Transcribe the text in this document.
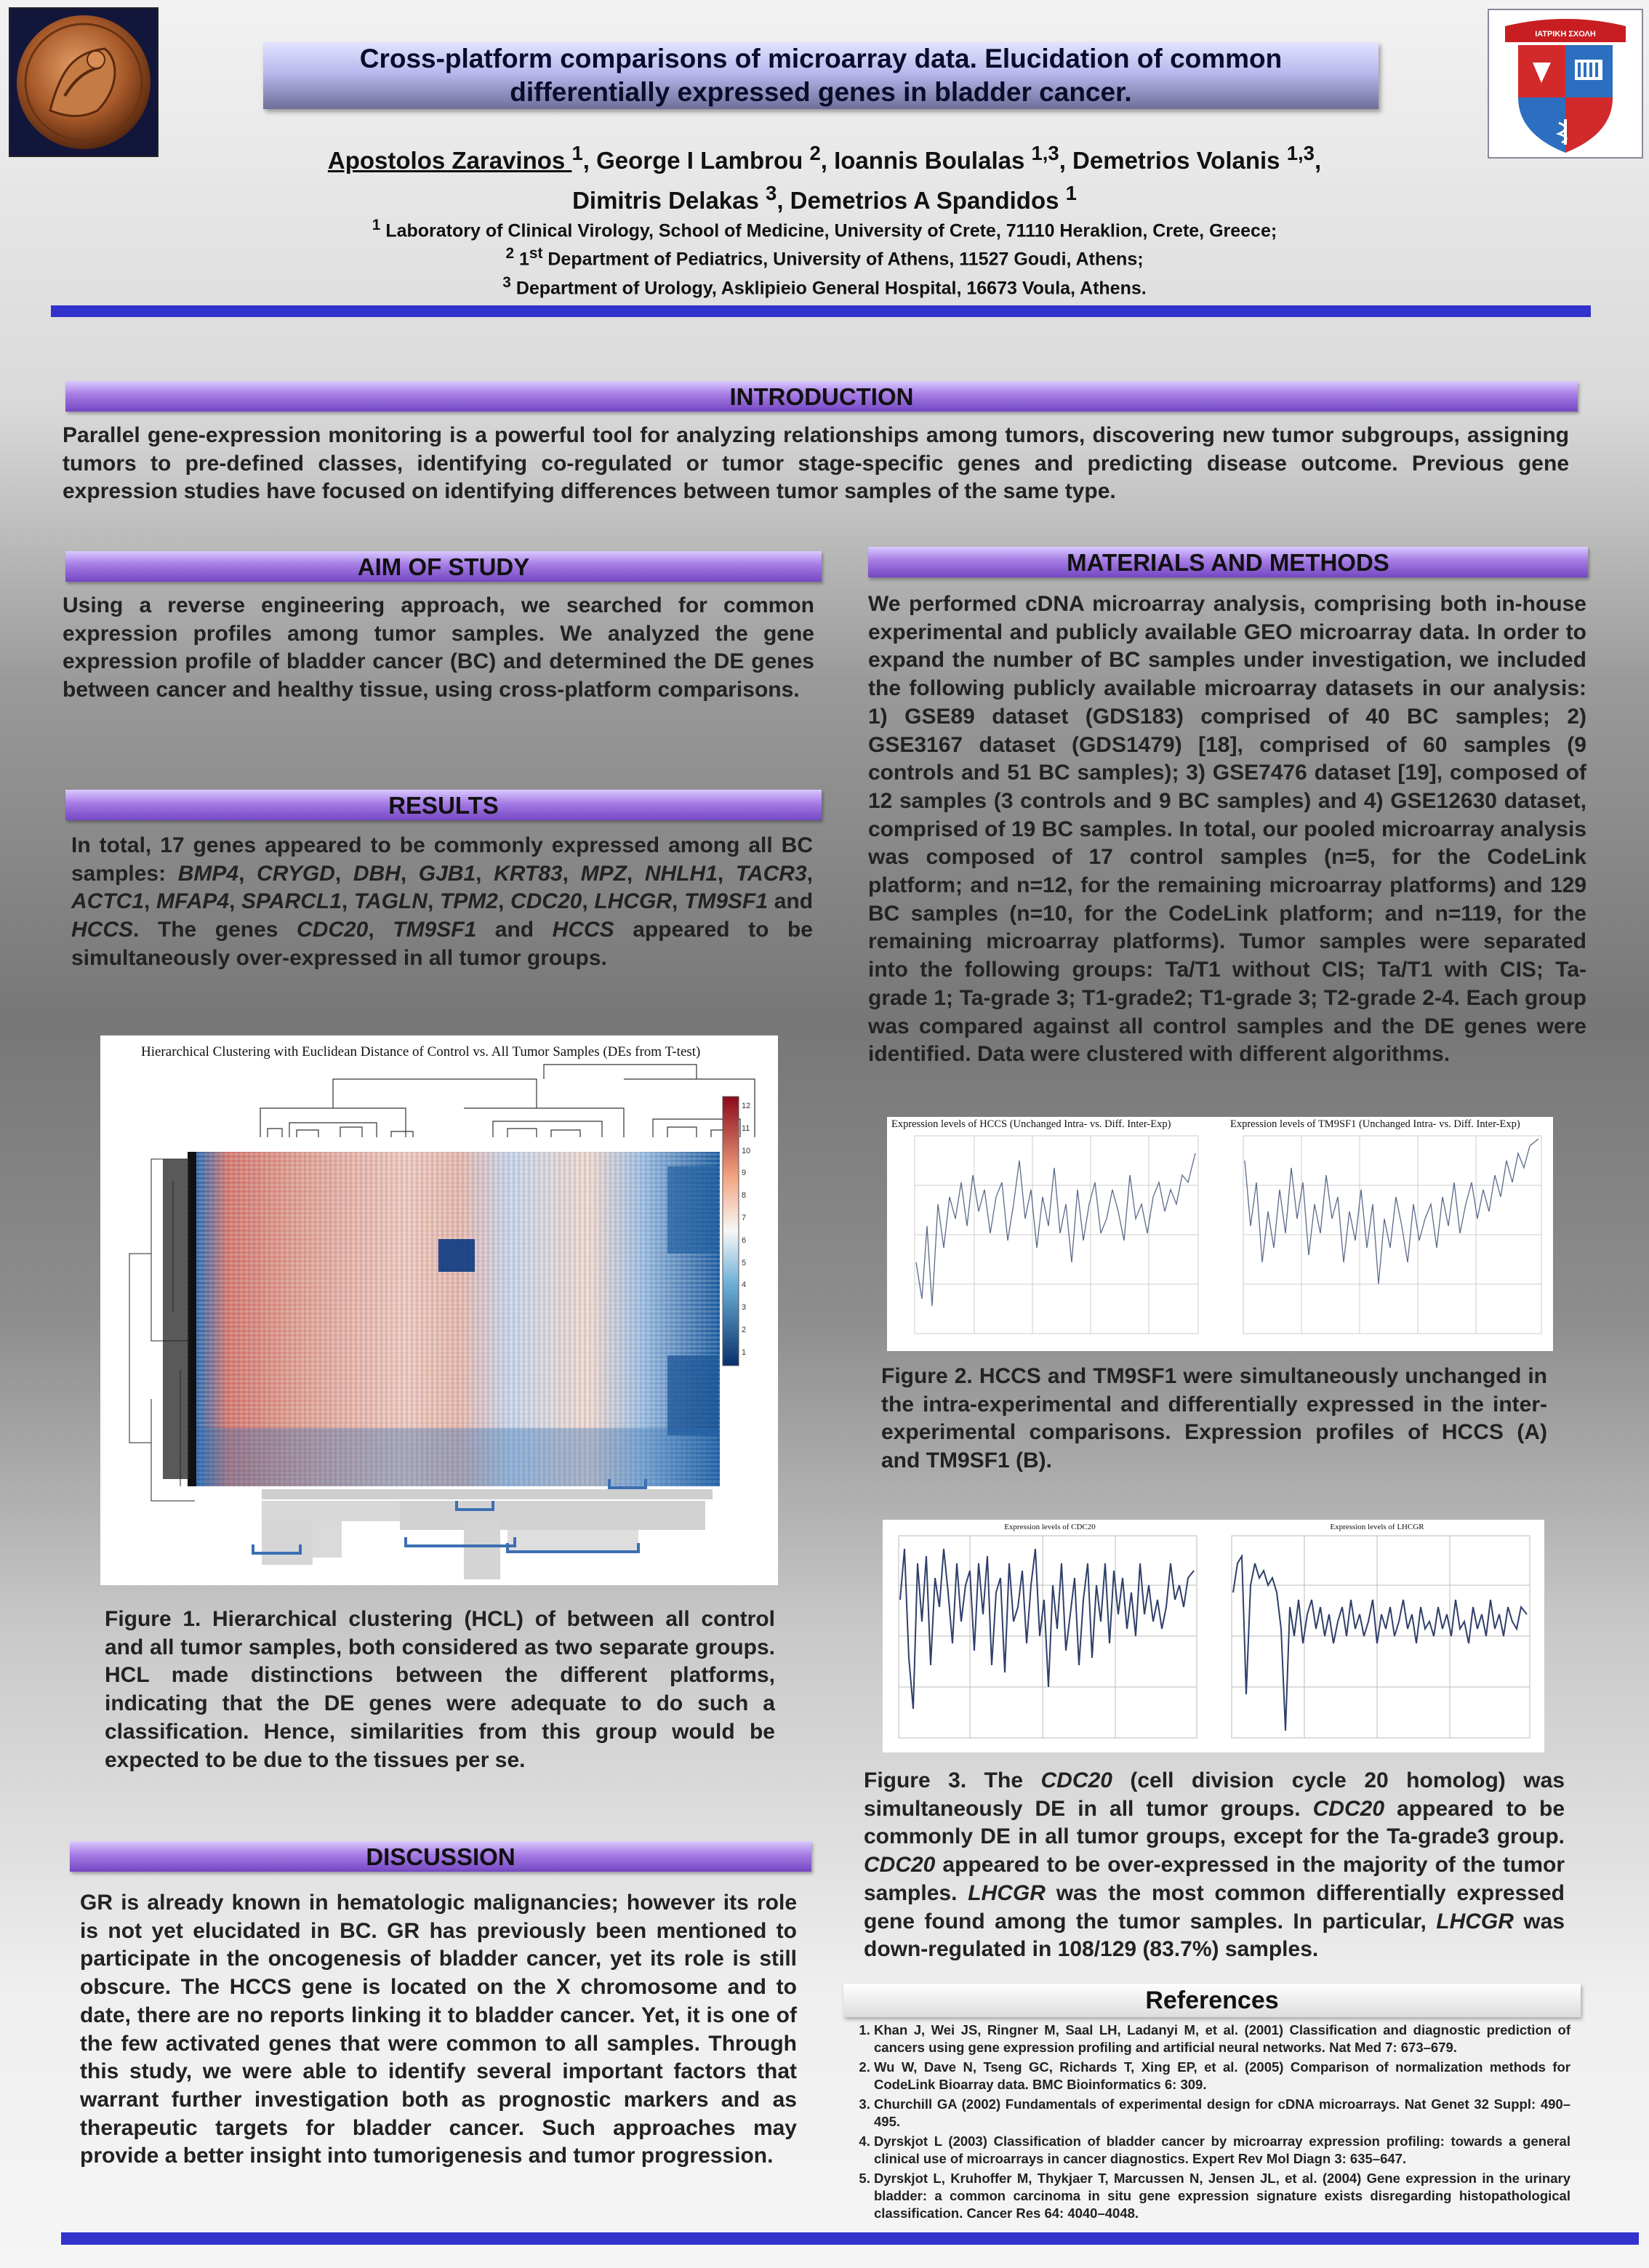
ΙΑΤΡΙΚΗ ΣΧΟΛΗ
Cross-platform comparisons of microarray data. Elucidation of common
differentially expressed genes in bladder cancer.
Apostolos Zaravinos $^1$, George I Lambrou $^2$, Ioannis Boulalas $^{1,3}$, Demetrios Volanis $^{1,3}$,
Dimitris Delakas $^3$, Demetrios A Spandidos $^1$
$^1$ Laboratory of Clinical Virology, School of Medicine, University of Crete, 71110 Heraklion, Crete, Greece;
$^2$ 1st Department of Pediatrics, University of Athens, 11527 Goudi, Athens;
$^3$ Department of Urology, Asklipieio General Hospital, 16673 Voula, Athens.
INTRODUCTION
Parallel gene-expression monitoring is a powerful tool for analyzing relationships among tumors, discovering new tumor subgroups, assigning tumors to pre-defined classes, identifying co-regulated or tumor stage-specific genes and predicting disease outcome. Previous gene expression studies have focused on identifying differences between tumor samples of the same type.
AIM OF STUDY
Using a reverse engineering approach, we searched for common expression profiles among tumor samples. We analyzed the gene expression profile of bladder cancer (BC) and determined the DE genes between cancer and healthy tissue, using cross-platform comparisons.
RESULTS
In total, 17 genes appeared to be commonly expressed among all BC samples: BMP4, CRYGD, DBH, GJB1, KRT83, MPZ, NHLH1, TACR3, ACTC1, MFAP4, SPARCL1, TAGLN, TPM2, CDC20, LHCGR, TM9SF1 and HCCS. The genes CDC20, TM9SF1 and HCCS appeared to be simultaneously over-expressed in all tumor groups.
Hierarchical Clustering with Euclidean Distance of Control vs. All Tumor Samples (DEs from T-test)
12
11
10
9
8
7
6
5
4
3
2
1
Figure 1. Hierarchical clustering (HCL) of between all control and all tumor samples, both considered as two separate groups. HCL made distinctions between the different platforms, indicating that the DE genes were adequate to do such a classification. Hence, similarities from this group would be expected to be due to the tissues per se.
DISCUSSION
GR is already known in hematologic malignancies; however its role is not yet elucidated in BC. GR has previously been mentioned to participate in the oncogenesis of bladder cancer, yet its role is still obscure. The HCCS gene is located on the X chromosome and to date, there are no reports linking it to bladder cancer. Yet, it is one of the few activated genes that were common to all samples. Through this study, we were able to identify several important factors that warrant further investigation both as prognostic markers and as therapeutic targets for bladder cancer. Such approaches may provide a better insight into tumorigenesis and tumor progression.
MATERIALS AND METHODS
We performed cDNA microarray analysis, comprising both in-house experimental and publicly available GEO microarray data. In order to expand the number of BC samples under investigation, we included the following publicly available microarray datasets in our analysis: 1) GSE89 dataset (GDS183) comprised of 40 BC samples; 2) GSE3167 dataset (GDS1479) [18], comprised of 60 samples (9 controls and 51 BC samples); 3) GSE7476 dataset [19], composed of 12 samples (3 controls and 9 BC samples) and 4) GSE12630 dataset, comprised of 19 BC samples. In total, our pooled microarray analysis was composed of 17 control samples (n=5, for the CodeLink platform; and n=12, for the remaining microarray platforms) and 129 BC samples (n=10, for the CodeLink platform; and n=119, for the remaining microarray platforms). Tumor samples were separated into the following groups: Ta/T1 without CIS; Ta/T1 with CIS; Ta-grade 1; Ta-grade 3; T1-grade2; T1-grade 3; T2-grade 2-4. Each group was compared against all control samples and the DE genes were identified. Data were clustered with different algorithms.
Expression levels of HCCS (Unchanged Intra- vs. Diff. Inter-Exp)	Expression levels of TM9SF1 (Unchanged Intra- vs. Diff. Inter-Exp)
Figure 2. HCCS and TM9SF1 were simultaneously unchanged in the intra-experimental and differentially expressed in the inter-experimental comparisons. Expression profiles of HCCS (A) and TM9SF1 (B).
Expression levels of CDC20	Expression levels of LHCGR
Figure 3. The CDC20 (cell division cycle 20 homolog) was simultaneously DE in all tumor groups. CDC20 appeared to be commonly DE in all tumor groups, except for the Ta-grade3 group. CDC20 appeared to be over-expressed in the majority of the tumor samples. LHCGR was the most common differentially expressed gene found among the tumor samples. In particular, LHCGR was down-regulated in 108/129 (83.7%) samples.
References
1. Khan J, Wei JS, Ringner M, Saal LH, Ladanyi M, et al. (2001) Classification and diagnostic prediction of cancers using gene expression profiling and artificial neural networks. Nat Med 7: 673–679.
2. Wu W, Dave N, Tseng GC, Richards T, Xing EP, et al. (2005) Comparison of normalization methods for CodeLink Bioarray data. BMC Bioinformatics 6: 309.
3. Churchill GA (2002) Fundamentals of experimental design for cDNA microarrays. Nat Genet 32 Suppl: 490–495.
4. Dyrskjot L (2003) Classification of bladder cancer by microarray expression profiling: towards a general clinical use of microarrays in cancer diagnostics. Expert Rev Mol Diagn 3: 635–647.
5. Dyrskjot L, Kruhoffer M, Thykjaer T, Marcussen N, Jensen JL, et al. (2004) Gene expression in the urinary bladder: a common carcinoma in situ gene expression signature exists disregarding histopathological classification. Cancer Res 64: 4040–4048.
